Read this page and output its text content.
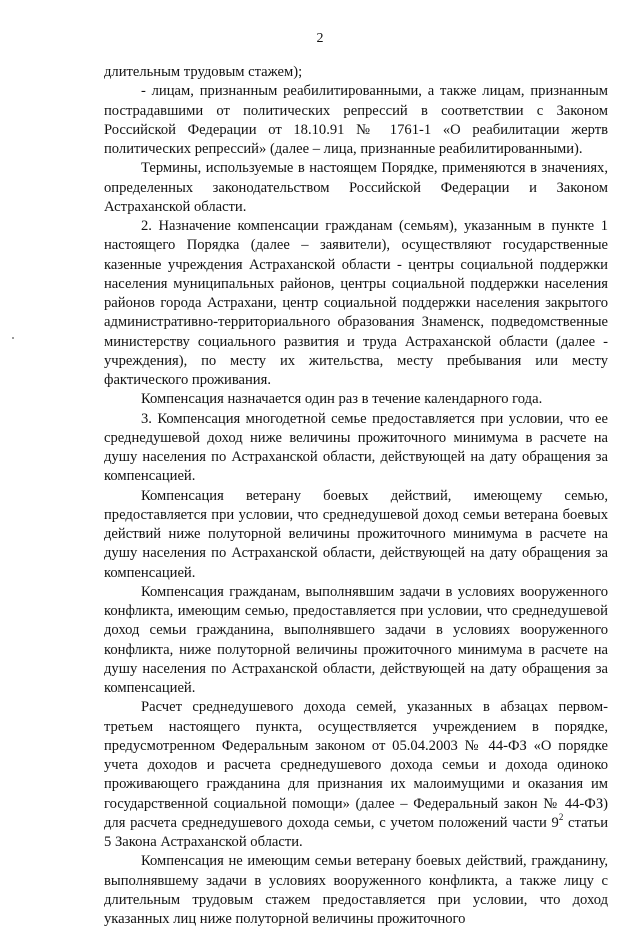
2

длительным трудовым стажем);

- лицам, признанным реабилитированными, а также лицам, признанным пострадавшими от политических репрессий в соответствии с Законом Российской Федерации от 18.10.91 № 1761-1 «О реабилитации жертв политических репрессий» (далее – лица, признанные реабилитированными).

Термины, используемые в настоящем Порядке, применяются в значениях, определенных законодательством Российской Федерации и Законом Астраханской области.

2. Назначение компенсации гражданам (семьям), указанным в пункте 1 настоящего Порядка (далее – заявители), осуществляют государственные казенные учреждения Астраханской области - центры социальной поддержки населения муниципальных районов, центры социальной поддержки населения районов города Астрахани, центр социальной поддержки населения закрытого административно-территориального образования Знаменск, подведомственные министерству социального развития и труда Астраханской области (далее - учреждения), по месту их жительства, месту пребывания или месту фактического проживания.

Компенсация назначается один раз в течение календарного года.

3. Компенсация многодетной семье предоставляется при условии, что ее среднедушевой доход ниже величины прожиточного минимума в расчете на душу населения по Астраханской области, действующей на дату обращения за компенсацией.

Компенсация ветерану боевых действий, имеющему семью, предоставляется при условии, что среднедушевой доход семьи ветерана боевых действий ниже полуторной величины прожиточного минимума в расчете на душу населения по Астраханской области, действующей на дату обращения за компенсацией.

Компенсация гражданам, выполнявшим задачи в условиях вооруженного конфликта, имеющим семью, предоставляется при условии, что среднедушевой доход семьи гражданина, выполнявшего задачи в условиях вооруженного конфликта, ниже полуторной величины прожиточного минимума в расчете на душу населения по Астраханской области, действующей на дату обращения за компенсацией.

Расчет среднедушевого дохода семей, указанных в абзацах первом-третьем настоящего пункта, осуществляется учреждением в порядке, предусмотренном Федеральным законом от 05.04.2003 № 44-ФЗ «О порядке учета доходов и расчета среднедушевого дохода семьи и дохода одиноко проживающего гражданина для признания их малоимущими и оказания им государственной социальной помощи» (далее – Федеральный закон № 44-ФЗ) для расчета среднедушевого дохода семьи, с учетом положений части $9^2$ статьи 5 Закона Астраханской области.

Компенсация не имеющим семьи ветерану боевых действий, гражданину, выполнявшему задачи в условиях вооруженного конфликта, а также лицу с длительным трудовым стажем предоставляется при условии, что доход указанных лиц ниже полуторной величины прожиточного
